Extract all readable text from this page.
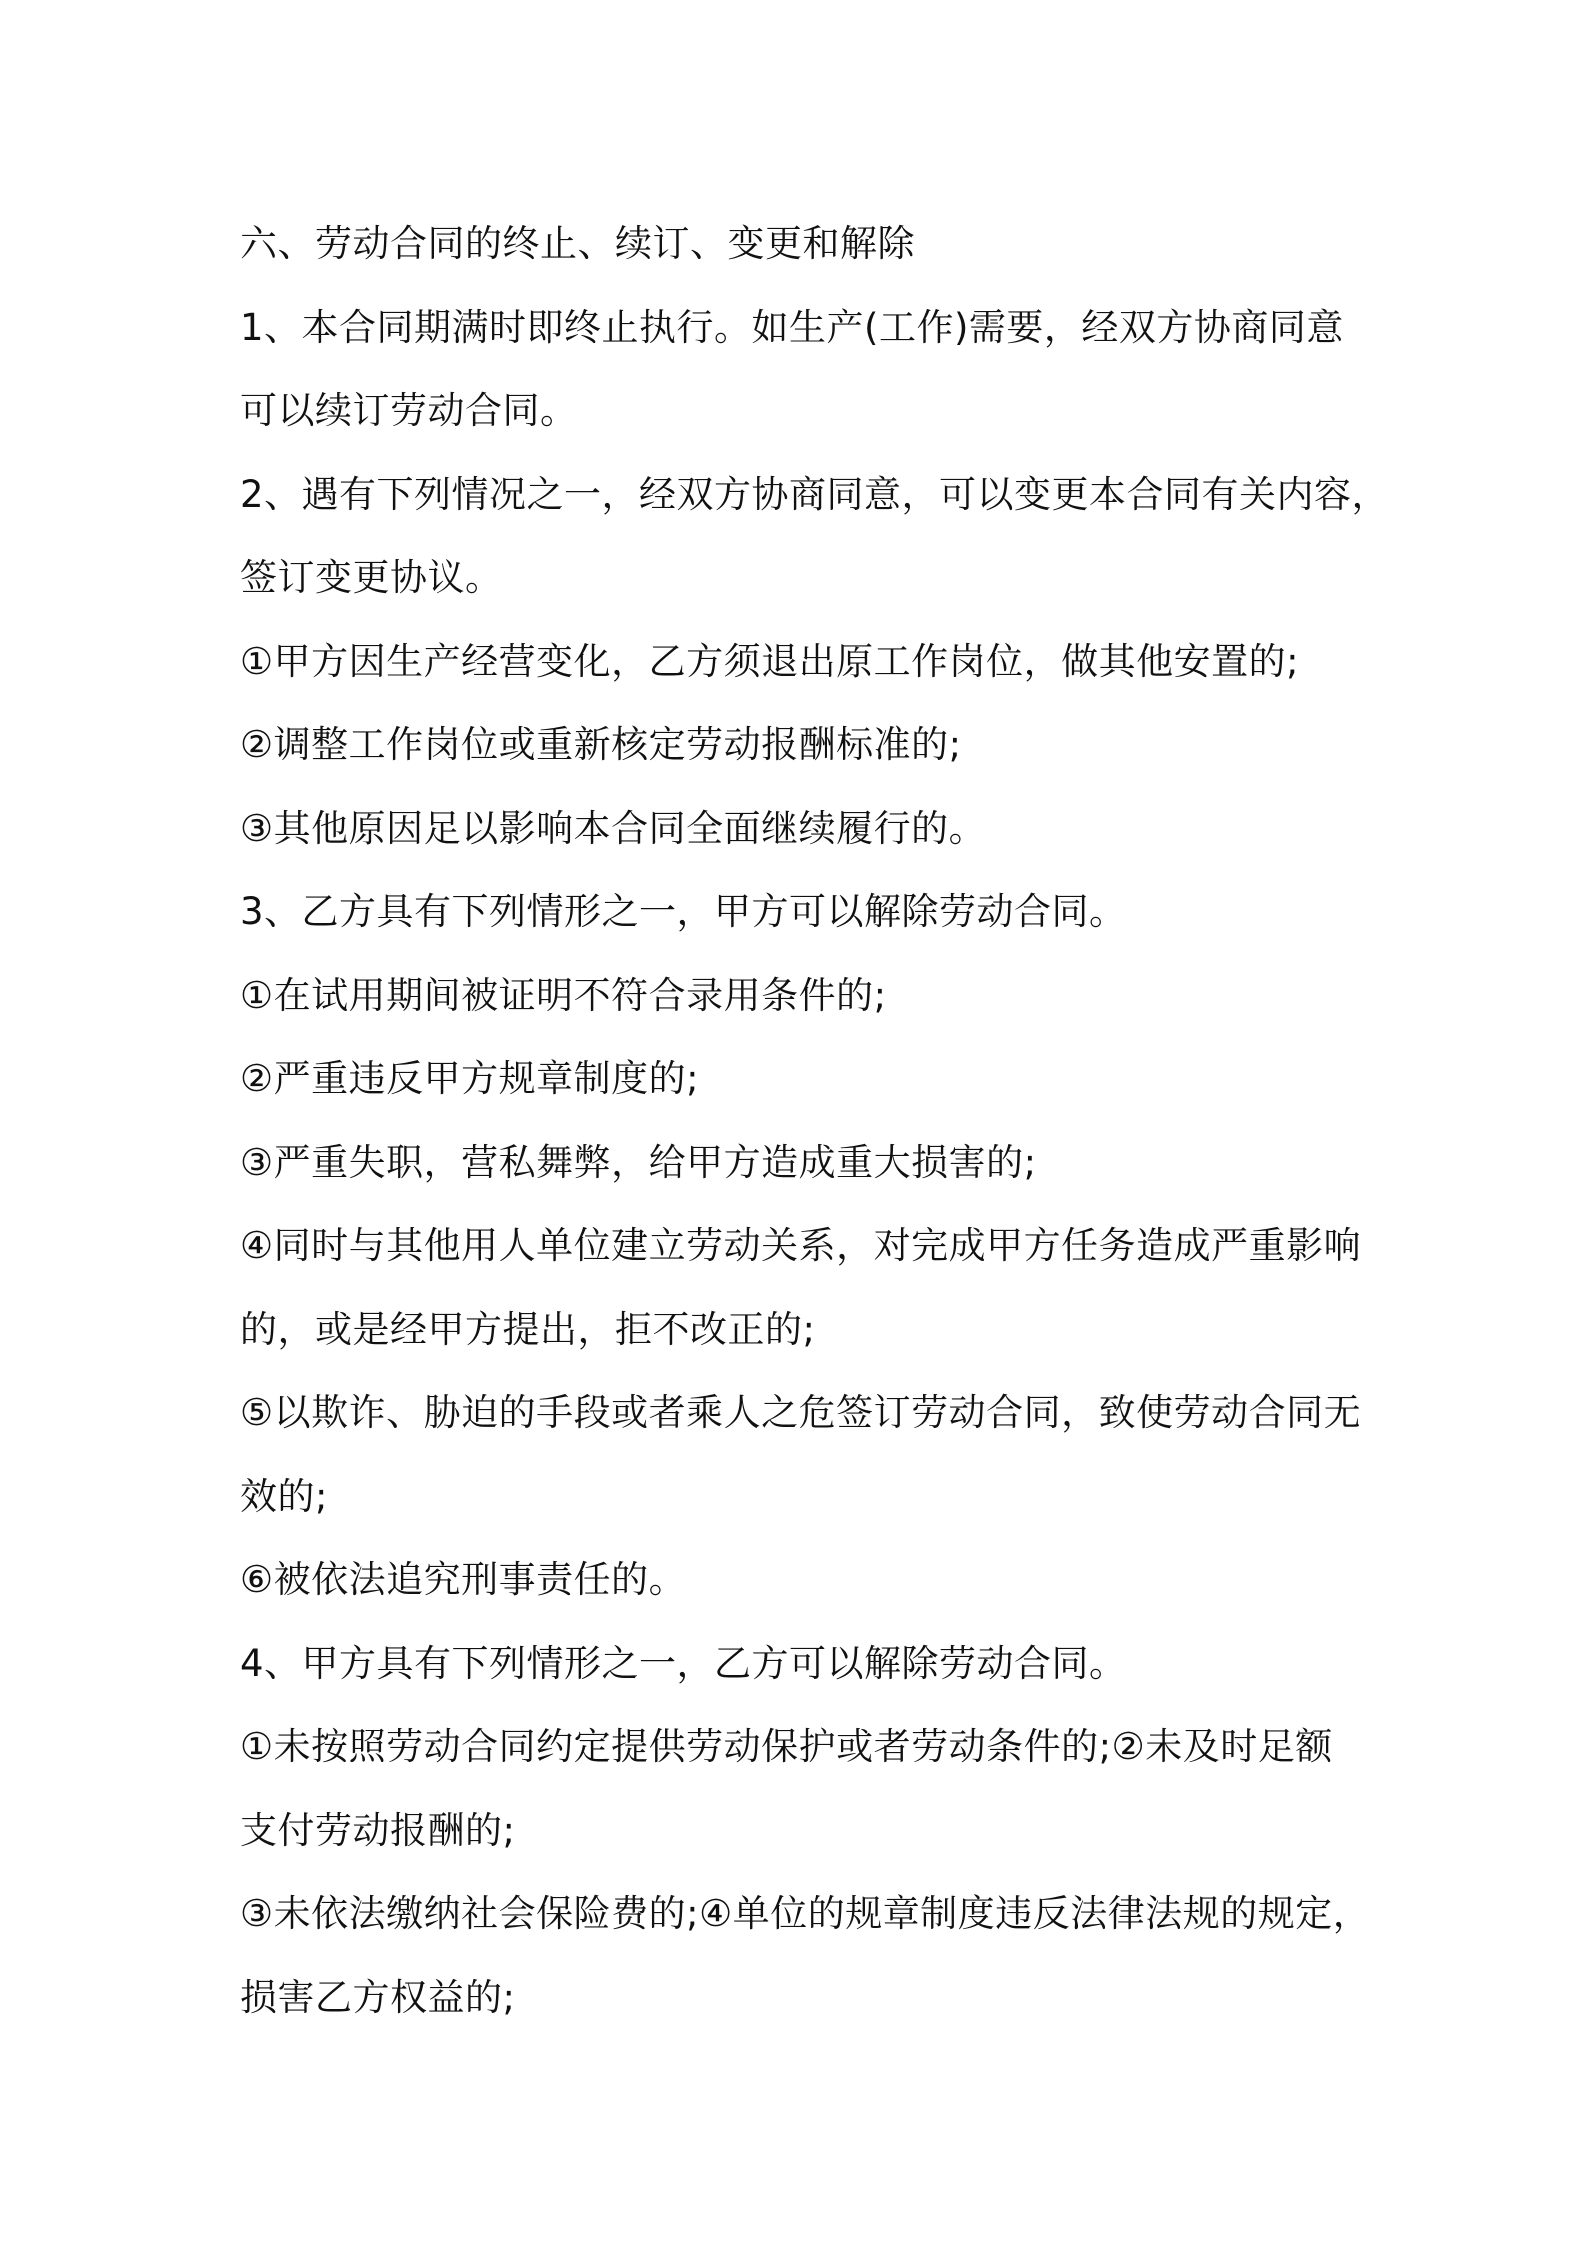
六、劳动合同的终止、续订、变更和解除
1、本合同期满时即终止执行。如生产(工作)需要，经双方协商同意
可以续订劳动合同。
2、遇有下列情况之一，经双方协商同意，可以变更本合同有关内容，
签订变更协议。
①甲方因生产经营变化，乙方须退出原工作岗位，做其他安置的;
②调整工作岗位或重新核定劳动报酬标准的;
③其他原因足以影响本合同全面继续履行的。
3、乙方具有下列情形之一，甲方可以解除劳动合同。
①在试用期间被证明不符合录用条件的;
②严重违反甲方规章制度的;
③严重失职，营私舞弊，给甲方造成重大损害的;
④同时与其他用人单位建立劳动关系，对完成甲方任务造成严重影响
的，或是经甲方提出，拒不改正的;
⑤以欺诈、胁迫的手段或者乘人之危签订劳动合同，致使劳动合同无
效的;
⑥被依法追究刑事责任的。
4、甲方具有下列情形之一，乙方可以解除劳动合同。
①未按照劳动合同约定提供劳动保护或者劳动条件的;②未及时足额
支付劳动报酬的;
③未依法缴纳社会保险费的;④单位的规章制度违反法律法规的规定，
损害乙方权益的;
